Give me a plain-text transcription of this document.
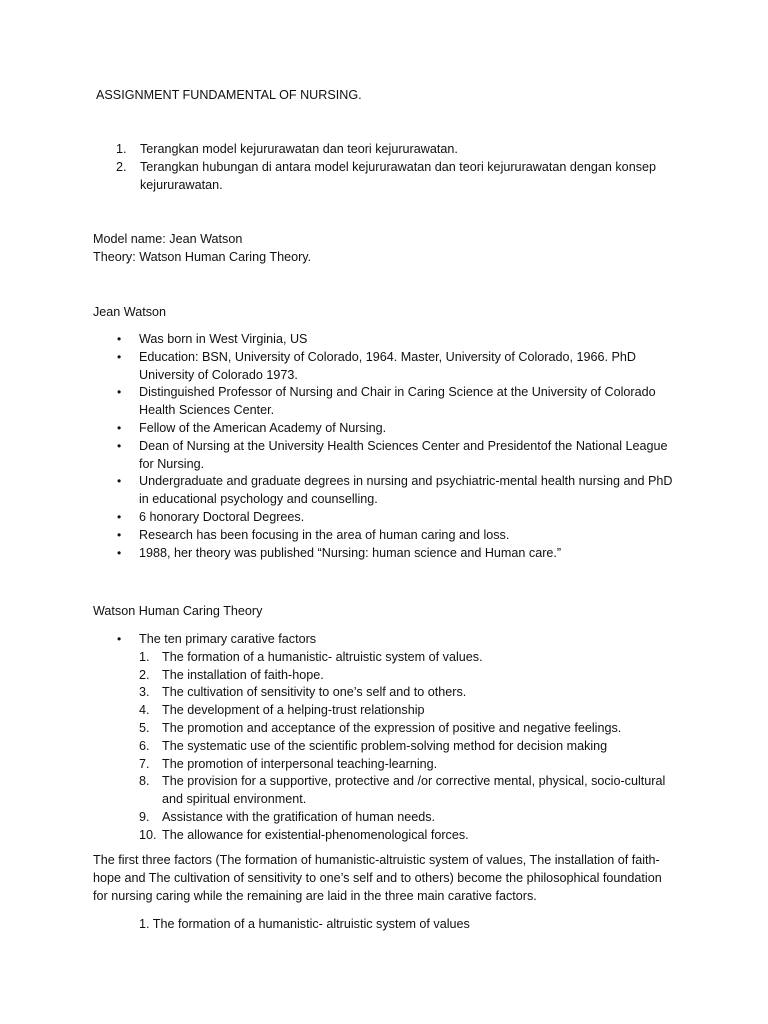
ASSIGNMENT FUNDAMENTAL OF NURSING.
1. Terangkan model kejururawatan dan teori kejururawatan.
2. Terangkan hubungan di antara model kejururawatan dan teori kejururawatan dengan konsep kejururawatan.
Model name: Jean Watson
Theory: Watson Human Caring Theory.
Jean Watson
• Was born in West Virginia, US
• Education: BSN, University of Colorado, 1964. Master, University of Colorado, 1966. PhD University of Colorado 1973.
• Distinguished Professor of Nursing and Chair in Caring Science at the University of Colorado Health Sciences Center.
• Fellow of the American Academy of Nursing.
• Dean of Nursing at the University Health Sciences Center and Presidentof the National League for Nursing.
• Undergraduate and graduate degrees in nursing and psychiatric-mental health nursing and PhD in educational psychology and counselling.
• 6 honorary Doctoral Degrees.
• Research has been focusing in the area of human caring and loss.
• 1988, her theory was published “Nursing: human science and Human care.”
Watson Human Caring Theory
• The ten primary carative factors
1. The formation of a humanistic- altruistic system of values.
2. The installation of faith-hope.
3. The cultivation of sensitivity to one’s self and to others.
4. The development of a helping-trust relationship
5. The promotion and acceptance of the expression of positive and negative feelings.
6. The systematic use of the scientific problem-solving method for decision making
7. The promotion of interpersonal teaching-learning.
8. The provision for a supportive, protective and /or corrective mental, physical, socio-cultural and spiritual environment.
9. Assistance with the gratification of human needs.
10. The allowance for existential-phenomenological forces.
The first three factors (The formation of humanistic-altruistic system of values, The installation of faith-hope and The cultivation of sensitivity to one’s self and to others) become the philosophical foundation for nursing caring while the remaining are laid in the three main carative factors.
1. The formation of a humanistic- altruistic system of values
